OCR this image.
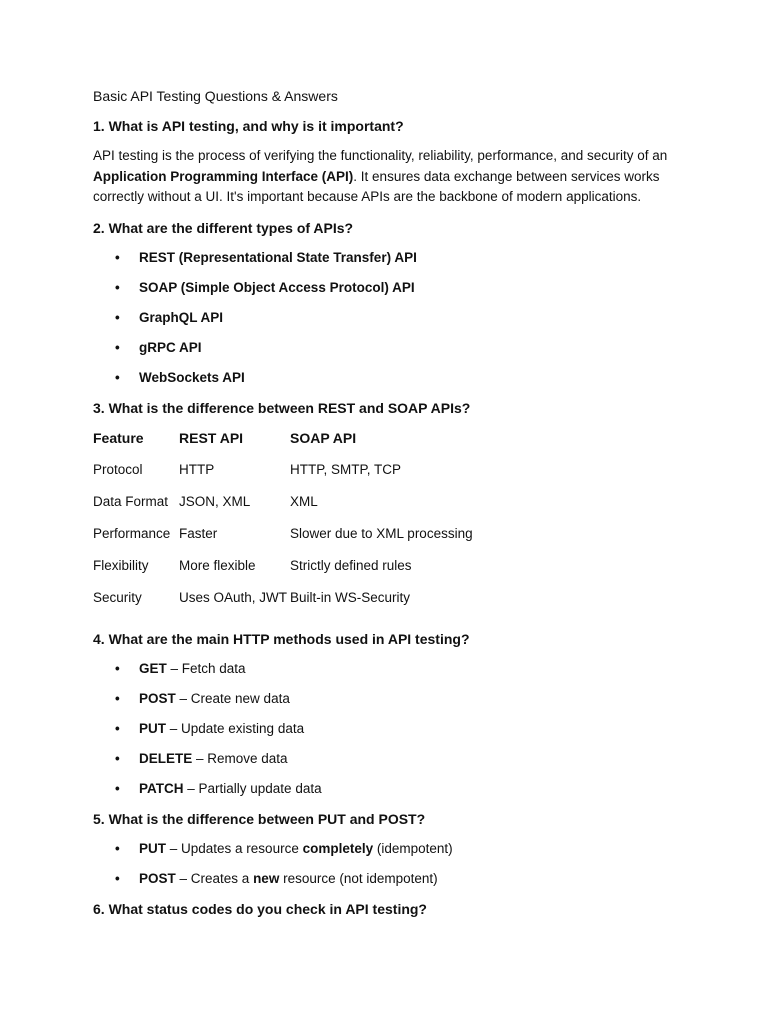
Basic API Testing Questions & Answers
1. What is API testing, and why is it important?
API testing is the process of verifying the functionality, reliability, performance, and security of an Application Programming Interface (API). It ensures data exchange between services works correctly without a UI. It's important because APIs are the backbone of modern applications.
2. What are the different types of APIs?
• REST (Representational State Transfer) API
• SOAP (Simple Object Access Protocol) API
• GraphQL API
• gRPC API
• WebSockets API
3. What is the difference between REST and SOAP APIs?
Feature	REST API	SOAP API
Protocol	HTTP	HTTP, SMTP, TCP
Data Format	JSON, XML	XML
Performance	Faster	Slower due to XML processing
Flexibility	More flexible	Strictly defined rules
Security	Uses OAuth, JWT	Built-in WS-Security
4. What are the main HTTP methods used in API testing?
• GET – Fetch data
• POST – Create new data
• PUT – Update existing data
• DELETE – Remove data
• PATCH – Partially update data
5. What is the difference between PUT and POST?
• PUT – Updates a resource completely (idempotent)
• POST – Creates a new resource (not idempotent)
6. What status codes do you check in API testing?
